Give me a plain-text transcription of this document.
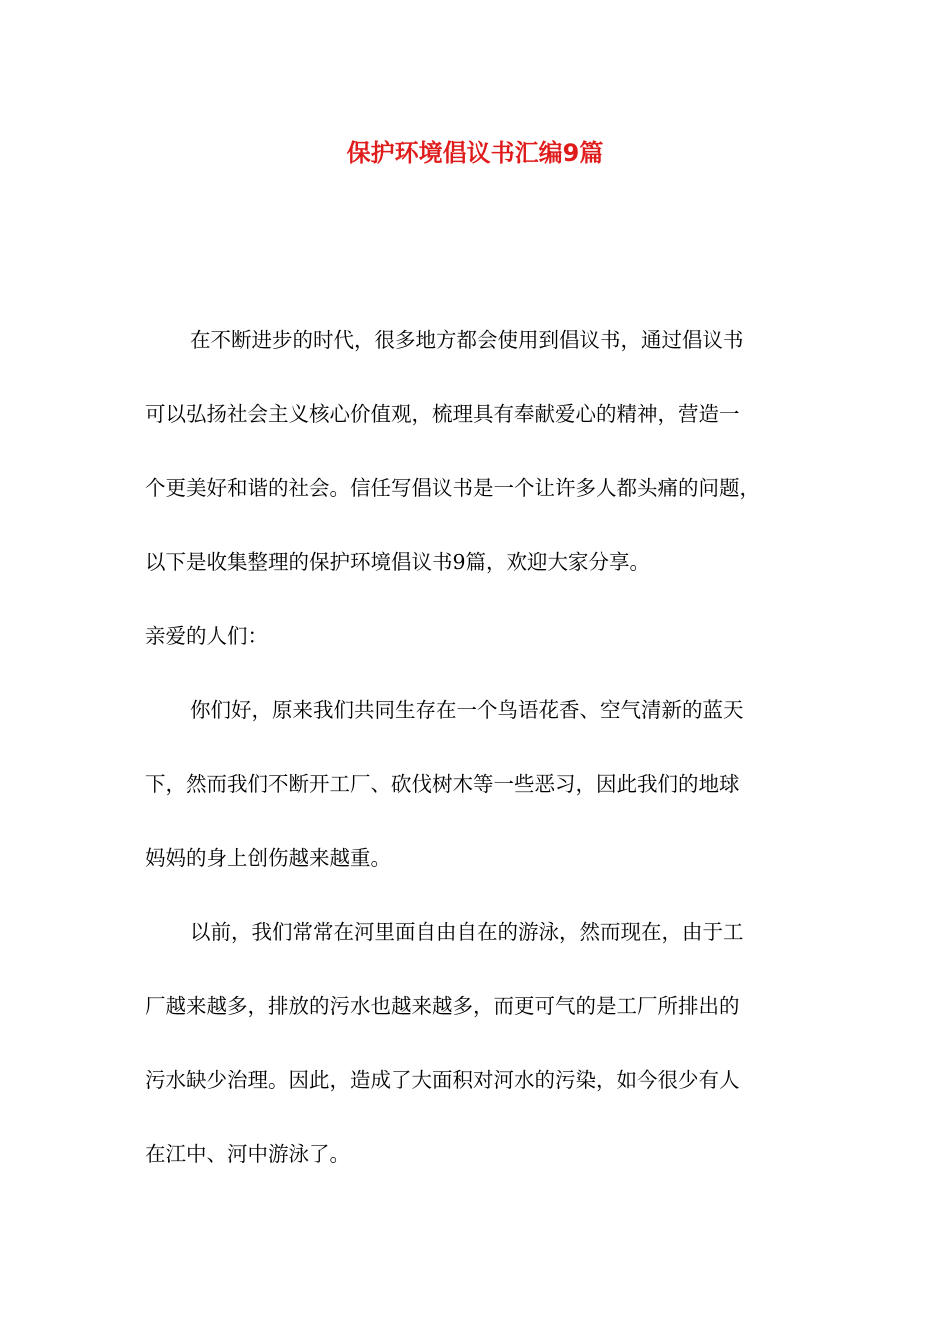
保护环境倡议书汇编9篇
在不断进步的时代，很多地方都会使用到倡议书，通过倡议书
可以弘扬社会主义核心价值观，梳理具有奉献爱心的精神，营造一
个更美好和谐的社会。信任写倡议书是一个让许多人都头痛的问题，
以下是收集整理的保护环境倡议书9篇，欢迎大家分享。
亲爱的人们：
你们好，原来我们共同生存在一个鸟语花香、空气清新的蓝天
下，然而我们不断开工厂、砍伐树木等一些恶习，因此我们的地球
妈妈的身上创伤越来越重。
以前，我们常常在河里面自由自在的游泳，然而现在，由于工
厂越来越多，排放的污水也越来越多，而更可气的是工厂所排出的
污水缺少治理。因此，造成了大面积对河水的污染，如今很少有人
在江中、河中游泳了。
